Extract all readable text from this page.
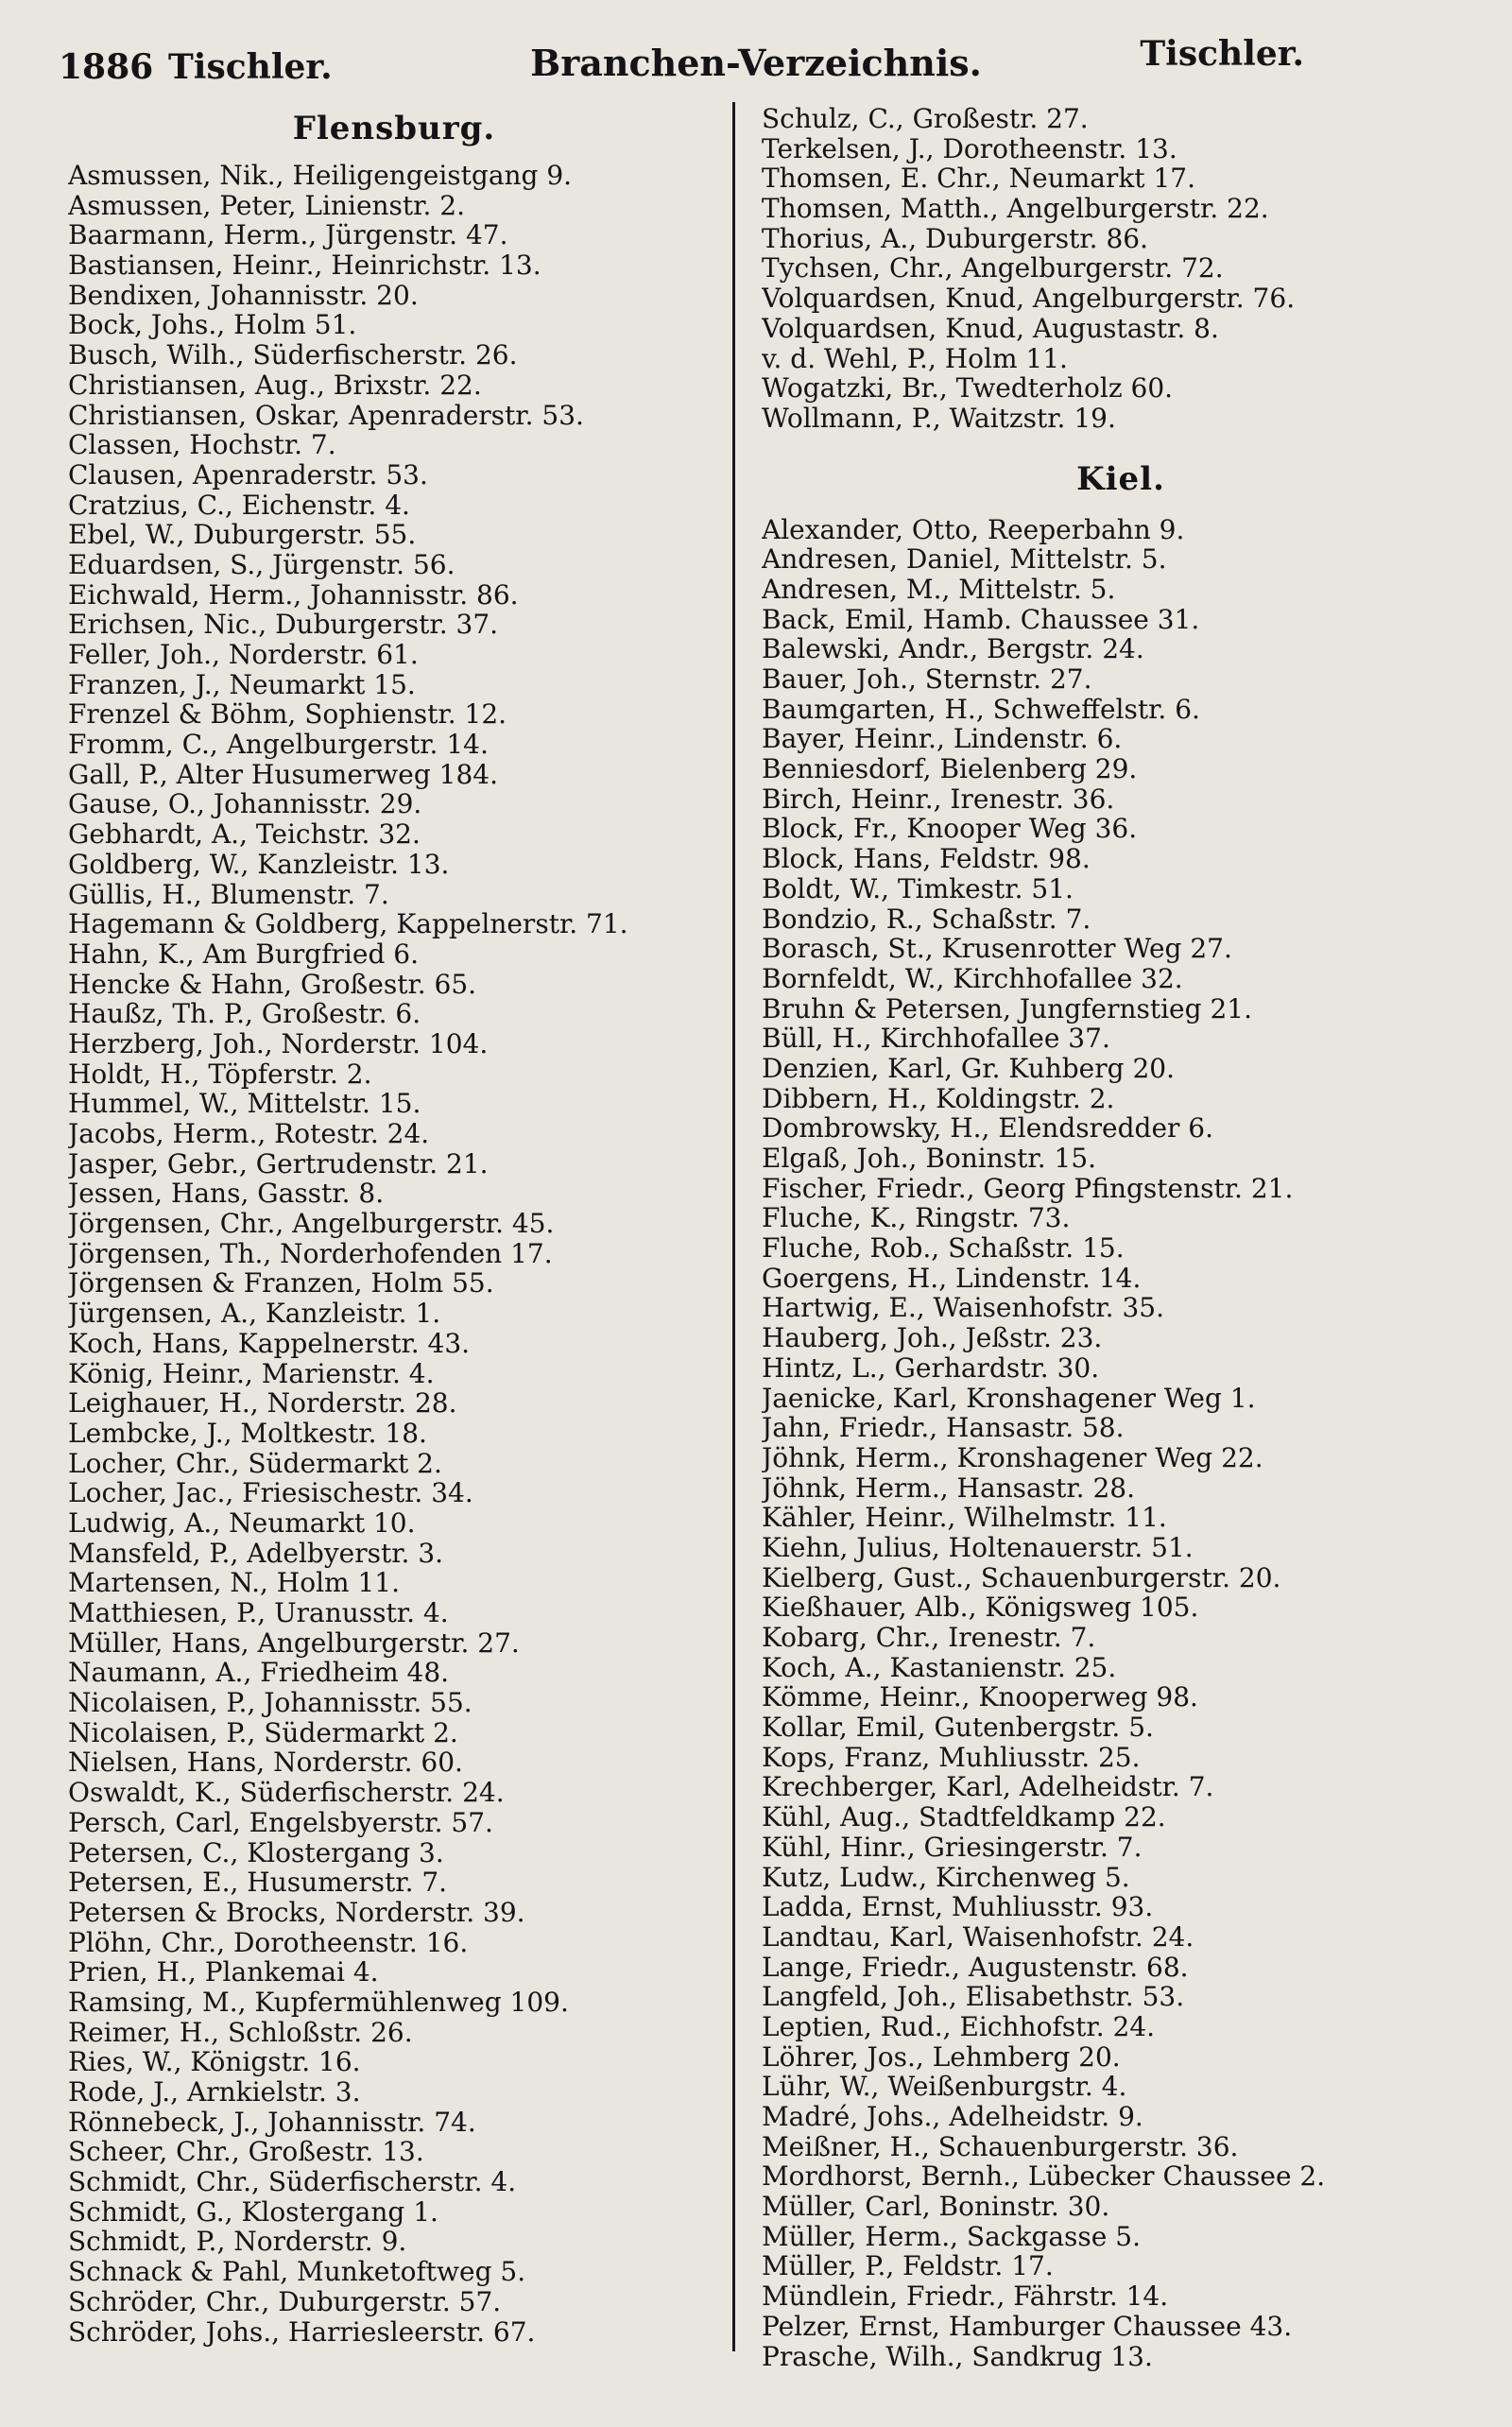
1886 Tischler.	Branchen-Verzeichnis.	Tischler.
Flensburg.
Asmussen, Nik., Heiligengeistgang 9.
Asmussen, Peter, Linienstr. 2.
Baarmann, Herm., Jürgenstr. 47.
Bastiansen, Heinr., Heinrichstr. 13.
Bendixen, Johannisstr. 20.
Bock, Johs., Holm 51.
Busch, Wilh., Süderfischerstr. 26.
Christiansen, Aug., Brixstr. 22.
Christiansen, Oskar, Apenraderstr. 53.
Classen, Hochstr. 7.
Clausen, Apenraderstr. 53.
Cratzius, C., Eichenstr. 4.
Ebel, W., Duburgerstr. 55.
Eduardsen, S., Jürgenstr. 56.
Eichwald, Herm., Johannisstr. 86.
Erichsen, Nic., Duburgerstr. 37.
Feller, Joh., Norderstr. 61.
Franzen, J., Neumarkt 15.
Frenzel & Böhm, Sophienstr. 12.
Fromm, C., Angelburgerstr. 14.
Gall, P., Alter Husumerweg 184.
Gause, O., Johannisstr. 29.
Gebhardt, A., Teichstr. 32.
Goldberg, W., Kanzleistr. 13.
Güllis, H., Blumenstr. 7.
Hagemann & Goldberg, Kappelnerstr. 71.
Hahn, K., Am Burgfried 6.
Hencke & Hahn, Großestr. 65.
Haußz, Th. P., Großestr. 6.
Herzberg, Joh., Norderstr. 104.
Holdt, H., Töpferstr. 2.
Hummel, W., Mittelstr. 15.
Jacobs, Herm., Rotestr. 24.
Jasper, Gebr., Gertrudenstr. 21.
Jessen, Hans, Gasstr. 8.
Jörgensen, Chr., Angelburgerstr. 45.
Jörgensen, Th., Norderhofenden 17.
Jörgensen & Franzen, Holm 55.
Jürgensen, A., Kanzleistr. 1.
Koch, Hans, Kappelnerstr. 43.
König, Heinr., Marienstr. 4.
Leighauer, H., Norderstr. 28.
Lembcke, J., Moltkestr. 18.
Locher, Chr., Südermarkt 2.
Locher, Jac., Friesischestr. 34.
Ludwig, A., Neumarkt 10.
Mansfeld, P., Adelbyerstr. 3.
Martensen, N., Holm 11.
Matthiesen, P., Uranusstr. 4.
Müller, Hans, Angelburgerstr. 27.
Naumann, A., Friedheim 48.
Nicolaisen, P., Johannisstr. 55.
Nicolaisen, P., Südermarkt 2.
Nielsen, Hans, Norderstr. 60.
Oswaldt, K., Süderfischerstr. 24.
Persch, Carl, Engelsbyerstr. 57.
Petersen, C., Klostergang 3.
Petersen, E., Husumerstr. 7.
Petersen & Brocks, Norderstr. 39.
Plöhn, Chr., Dorotheenstr. 16.
Prien, H., Plankemai 4.
Ramsing, M., Kupfermühlenweg 109.
Reimer, H., Schloßstr. 26.
Ries, W., Königstr. 16.
Rode, J., Arnkielstr. 3.
Rönnebeck, J., Johannisstr. 74.
Scheer, Chr., Großestr. 13.
Schmidt, Chr., Süderfischerstr. 4.
Schmidt, G., Klostergang 1.
Schmidt, P., Norderstr. 9.
Schnack & Pahl, Munketoftweg 5.
Schröder, Chr., Duburgerstr. 57.
Schröder, Johs., Harriesleerstr. 67.
Schulz, C., Großestr. 27.
Terkelsen, J., Dorotheenstr. 13.
Thomsen, E. Chr., Neumarkt 17.
Thomsen, Matth., Angelburgerstr. 22.
Thorius, A., Duburgerstr. 86.
Tychsen, Chr., Angelburgerstr. 72.
Volquardsen, Knud, Angelburgerstr. 76.
Volquardsen, Knud, Augustastr. 8.
v. d. Wehl, P., Holm 11.
Wogatzki, Br., Twedterholz 60.
Wollmann, P., Waitzstr. 19.
Kiel.
Alexander, Otto, Reeperbahn 9.
Andresen, Daniel, Mittelstr. 5.
Andresen, M., Mittelstr. 5.
Back, Emil, Hamb. Chaussee 31.
Balewski, Andr., Bergstr. 24.
Bauer, Joh., Sternstr. 27.
Baumgarten, H., Schweffelstr. 6.
Bayer, Heinr., Lindenstr. 6.
Benniesdorf, Bielenberg 29.
Birch, Heinr., Irenestr. 36.
Block, Fr., Knooper Weg 36.
Block, Hans, Feldstr. 98.
Boldt, W., Timkestr. 51.
Bondzio, R., Schaßstr. 7.
Borasch, St., Krusenrotter Weg 27.
Bornfeldt, W., Kirchhofallee 32.
Bruhn & Petersen, Jungfernstieg 21.
Büll, H., Kirchhofallee 37.
Denzien, Karl, Gr. Kuhberg 20.
Dibbern, H., Koldingstr. 2.
Dombrowsky, H., Elendsredder 6.
Elgaß, Joh., Boninstr. 15.
Fischer, Friedr., Georg Pfingstenstr. 21.
Fluche, K., Ringstr. 73.
Fluche, Rob., Schaßstr. 15.
Goergens, H., Lindenstr. 14.
Hartwig, E., Waisenhofstr. 35.
Hauberg, Joh., Jeßstr. 23.
Hintz, L., Gerhardstr. 30.
Jaenicke, Karl, Kronshagener Weg 1.
Jahn, Friedr., Hansastr. 58.
Jöhnk, Herm., Kronshagener Weg 22.
Jöhnk, Herm., Hansastr. 28.
Kähler, Heinr., Wilhelmstr. 11.
Kiehn, Julius, Holtenauerstr. 51.
Kielberg, Gust., Schauenburgerstr. 20.
Kießhauer, Alb., Königsweg 105.
Kobarg, Chr., Irenestr. 7.
Koch, A., Kastanienstr. 25.
Kömme, Heinr., Knooperweg 98.
Kollar, Emil, Gutenbergstr. 5.
Kops, Franz, Muhliusstr. 25.
Krechberger, Karl, Adelheidstr. 7.
Kühl, Aug., Stadtfeldkamp 22.
Kühl, Hinr., Griesingerstr. 7.
Kutz, Ludw., Kirchenweg 5.
Ladda, Ernst, Muhliusstr. 93.
Landtau, Karl, Waisenhofstr. 24.
Lange, Friedr., Augustenstr. 68.
Langfeld, Joh., Elisabethstr. 53.
Leptien, Rud., Eichhofstr. 24.
Löhrer, Jos., Lehmberg 20.
Lühr, W., Weißenburgstr. 4.
Madré, Johs., Adelheidstr. 9.
Meißner, H., Schauenburgerstr. 36.
Mordhorst, Bernh., Lübecker Chaussee 2.
Müller, Carl, Boninstr. 30.
Müller, Herm., Sackgasse 5.
Müller, P., Feldstr. 17.
Mündlein, Friedr., Fährstr. 14.
Pelzer, Ernst, Hamburger Chaussee 43.
Prasche, Wilh., Sandkrug 13.
